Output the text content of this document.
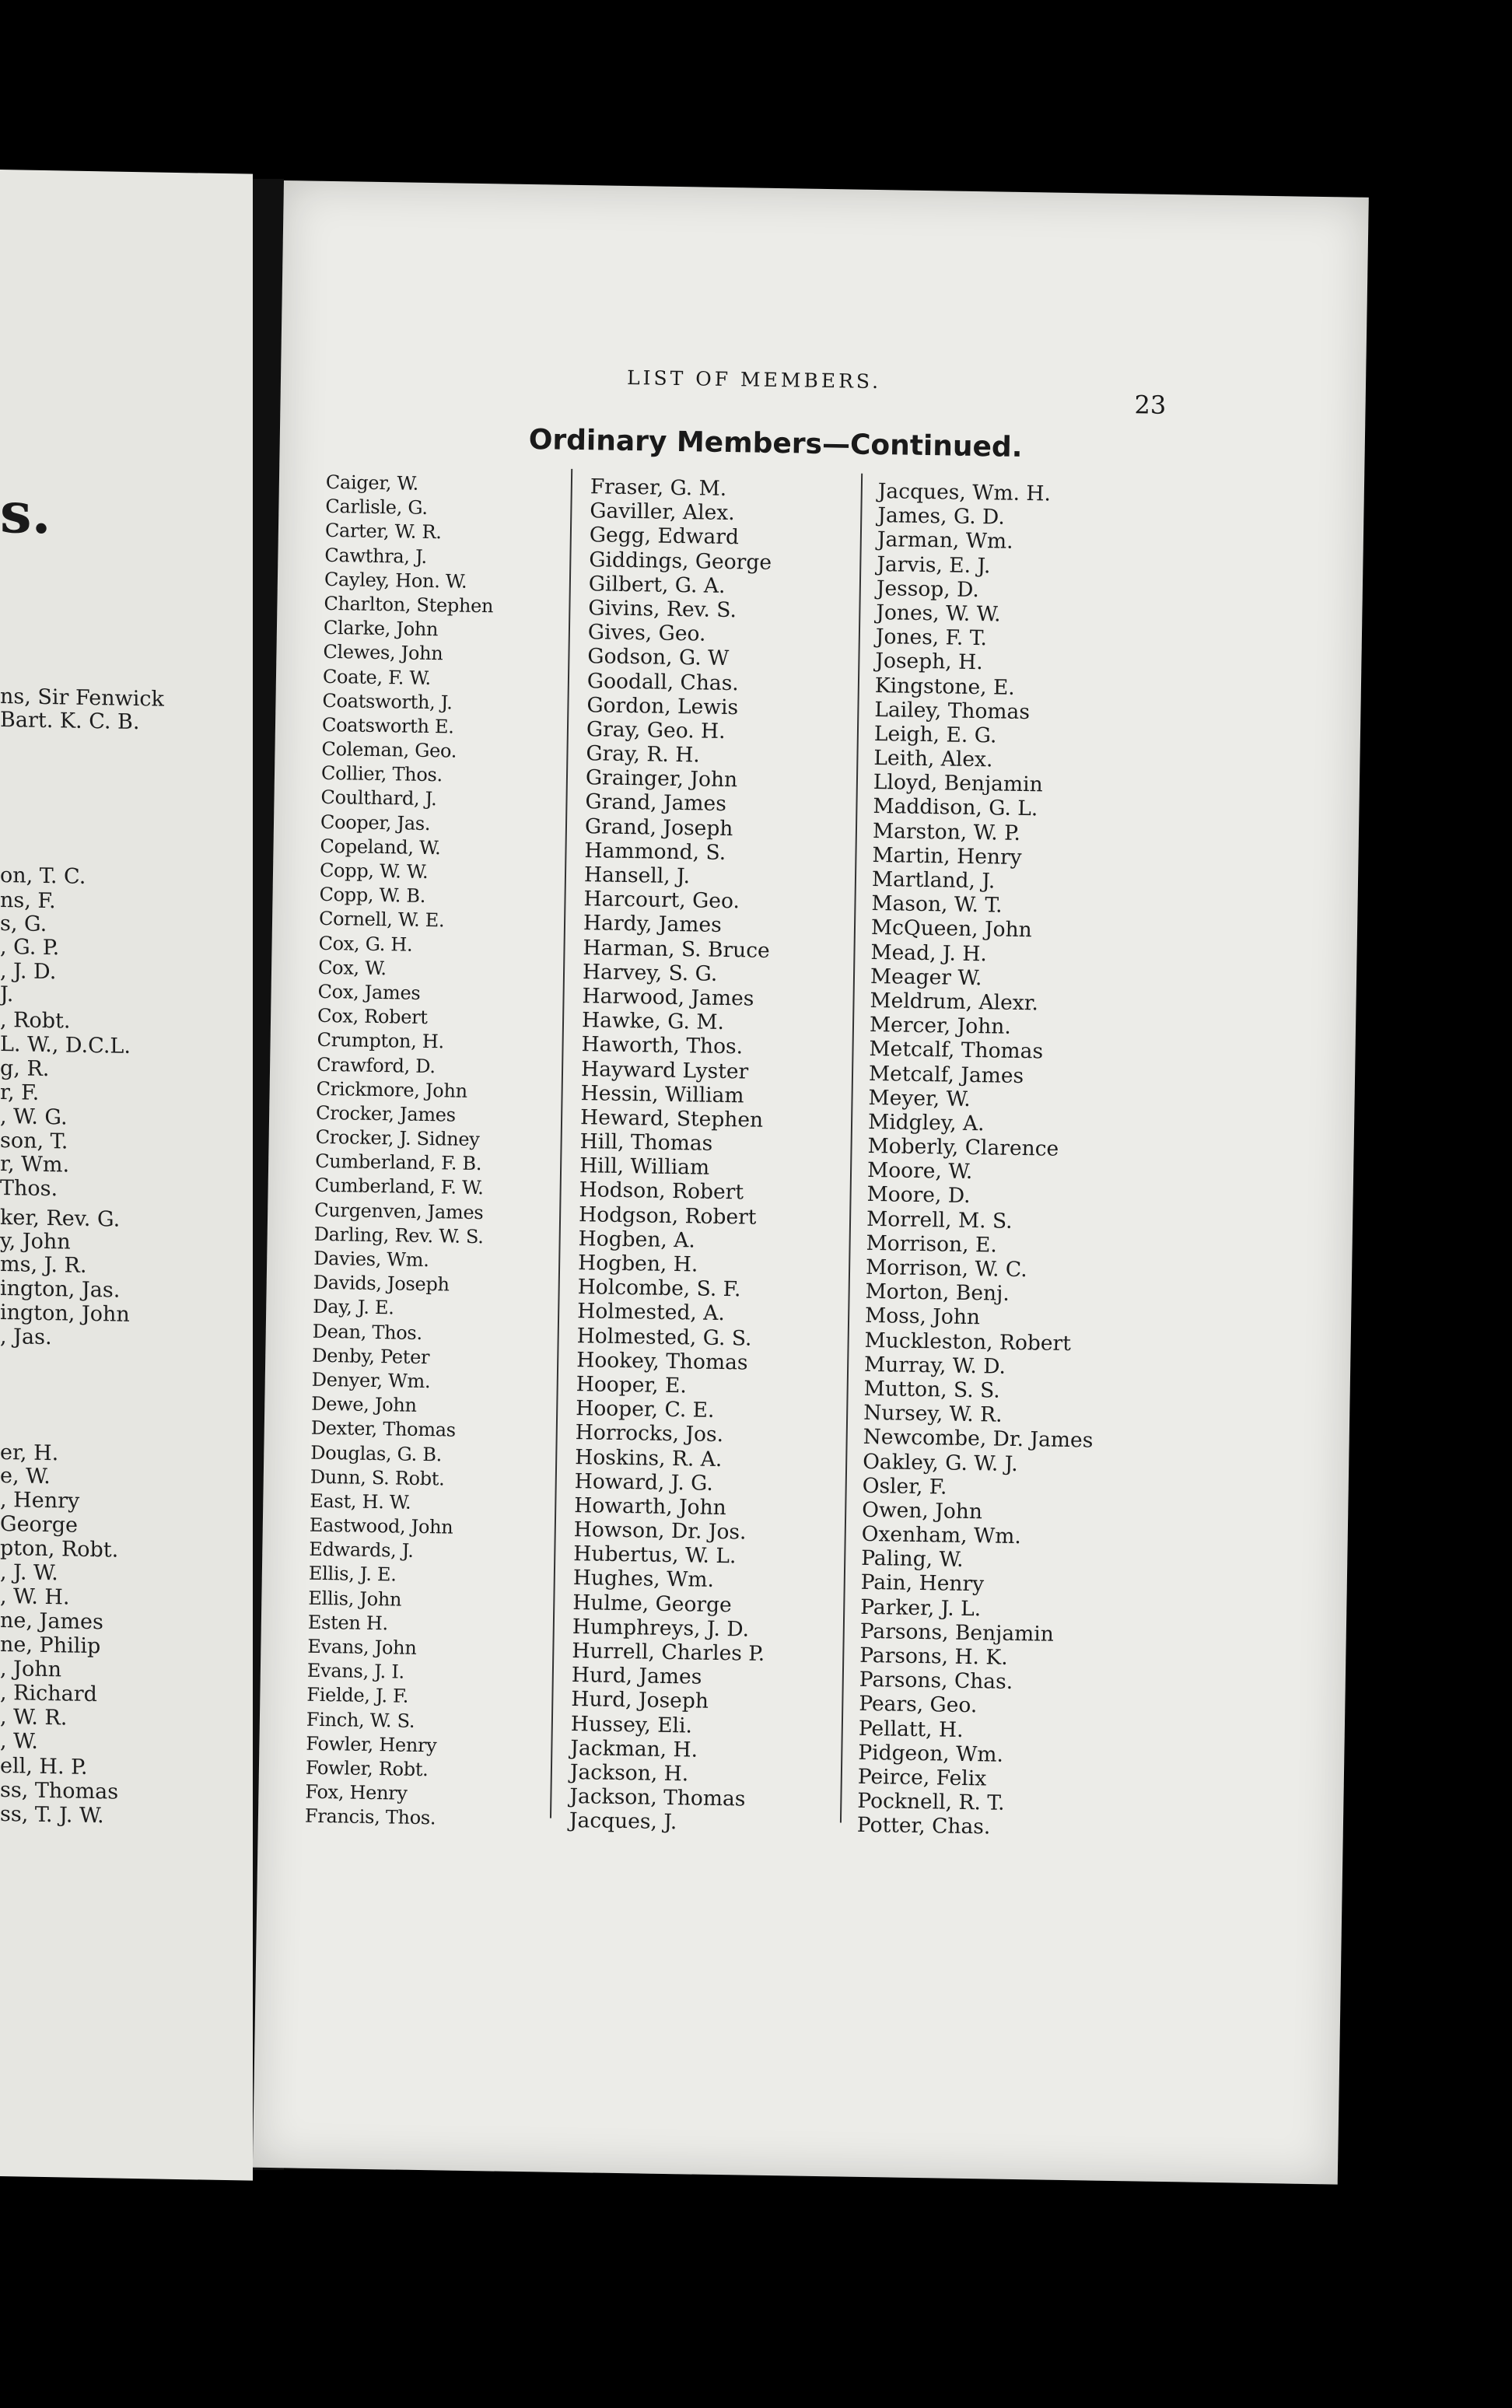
s.
ns, Sir Fenwick
Bart. K. C. B.
on, T. C.
ns, F.
s, G.
, G. P.
, J. D.
J.
, Robt.
L. W., D.C.L.
g, R.
r, F.
, W. G.
son, T.
r, Wm.
Thos.
ker, Rev. G.
y, John
ms, J. R.
ington, Jas.
ington, John
, Jas.
er, H.
e, W.
, Henry
George
pton, Robt.
, J. W.
, W. H.
ne, James
ne, Philip
, John
, Richard
, W. R.
, W.
ell, H. P.
ss, Thomas
ss, T. J. W.
LIST OF MEMBERS.
23
Ordinary Members—Continued.
Caiger, W.
Carlisle, G.
Carter, W. R.
Cawthra, J.
Cayley, Hon. W.
Charlton, Stephen
Clarke, John
Clewes, John
Coate, F. W.
Coatsworth, J.
Coatsworth E.
Coleman, Geo.
Collier, Thos.
Coulthard, J.
Cooper, Jas.
Copeland, W.
Copp, W. W.
Copp, W. B.
Cornell, W. E.
Cox, G. H.
Cox, W.
Cox, James
Cox, Robert
Crumpton, H.
Crawford, D.
Crickmore, John
Crocker, James
Crocker, J. Sidney
Cumberland, F. B.
Cumberland, F. W.
Curgenven, James
Darling, Rev. W. S.
Davies, Wm.
Davids, Joseph
Day, J. E.
Dean, Thos.
Denby, Peter
Denyer, Wm.
Dewe, John
Dexter, Thomas
Douglas, G. B.
Dunn, S. Robt.
East, H. W.
Eastwood, John
Edwards, J.
Ellis, J. E.
Ellis, John
Esten H.
Evans, John
Evans, J. I.
Fielde, J. F.
Finch, W. S.
Fowler, Henry
Fowler, Robt.
Fox, Henry
Francis, Thos.
Fraser, G. M.
Gaviller, Alex.
Gegg, Edward
Giddings, George
Gilbert, G. A.
Givins, Rev. S.
Gives, Geo.
Godson, G. W
Goodall, Chas.
Gordon, Lewis
Gray, Geo. H.
Gray, R. H.
Grainger, John
Grand, James
Grand, Joseph
Hammond, S.
Hansell, J.
Harcourt, Geo.
Hardy, James
Harman, S. Bruce
Harvey, S. G.
Harwood, James
Hawke, G. M.
Haworth, Thos.
Hayward Lyster
Hessin, William
Heward, Stephen
Hill, Thomas
Hill, William
Hodson, Robert
Hodgson, Robert
Hogben, A.
Hogben, H.
Holcombe, S. F.
Holmested, A.
Holmested, G. S.
Hookey, Thomas
Hooper, E.
Hooper, C. E.
Horrocks, Jos.
Hoskins, R. A.
Howard, J. G.
Howarth, John
Howson, Dr. Jos.
Hubertus, W. L.
Hughes, Wm.
Hulme, George
Humphreys, J. D.
Hurrell, Charles P.
Hurd, James
Hurd, Joseph
Hussey, Eli.
Jackman, H.
Jackson, H.
Jackson, Thomas
Jacques, J.
Jacques, Wm. H.
James, G. D.
Jarman, Wm.
Jarvis, E. J.
Jessop, D.
Jones, W. W.
Jones, F. T.
Joseph, H.
Kingstone, E.
Lailey, Thomas
Leigh, E. G.
Leith, Alex.
Lloyd, Benjamin
Maddison, G. L.
Marston, W. P.
Martin, Henry
Martland, J.
Mason, W. T.
McQueen, John
Mead, J. H.
Meager W.
Meldrum, Alexr.
Mercer, John.
Metcalf, Thomas
Metcalf, James
Meyer, W.
Midgley, A.
Moberly, Clarence
Moore, W.
Moore, D.
Morrell, M. S.
Morrison, E.
Morrison, W. C.
Morton, Benj.
Moss, John
Muckleston, Robert
Murray, W. D.
Mutton, S. S.
Nursey, W. R.
Newcombe, Dr. James
Oakley, G. W. J.
Osler, F.
Owen, John
Oxenham, Wm.
Paling, W.
Pain, Henry
Parker, J. L.
Parsons, Benjamin
Parsons, H. K.
Parsons, Chas.
Pears, Geo.
Pellatt, H.
Pidgeon, Wm.
Peirce, Felix
Pocknell, R. T.
Potter, Chas.
